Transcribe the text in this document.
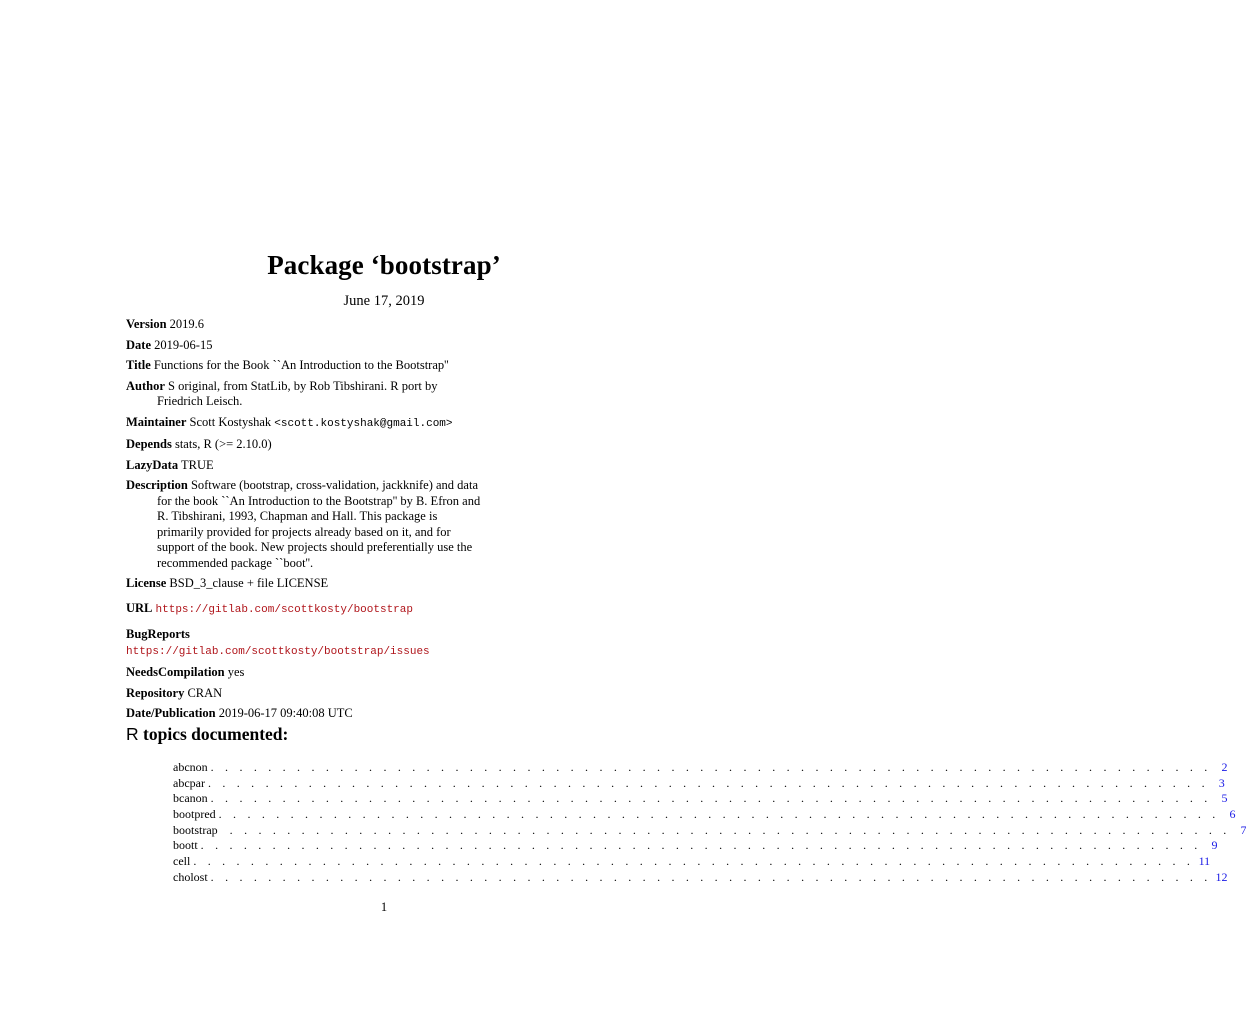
Package ‘bootstrap’
June 17, 2019

Version 2019.6

Date 2019-06-15

Title Functions for the Book ``An Introduction to the Bootstrap''

Author S original, from StatLib, by Rob Tibshirani. R port by
Friedrich Leisch.

Maintainer Scott Kostyshak <scott.kostyshak@gmail.com>

Depends stats, R (>= 2.10.0)

LazyData TRUE

Description Software (bootstrap, cross-validation, jackknife) and data
for the book ``An Introduction to the Bootstrap'' by B. Efron and
R. Tibshirani, 1993, Chapman and Hall. This package is
primarily provided for projects already based on it, and for
support of the book. New projects should preferentially use the
recommended package ``boot''.

License BSD_3_clause + file LICENSE

URL https://gitlab.com/scottkosty/bootstrap

BugReports https://gitlab.com/scottkosty/bootstrap/issues

NeedsCompilation yes

Repository CRAN

Date/Publication 2019-06-17 09:40:08 UTC

R topics documented:
abcnon . . . . . . . . . . . . . . . . . . . . . . . . . . . . . . . . . . . . . . . . . . . . . . . . . . . . . . . . . . . . . . . . . . . . . . 2
abcpar . . . . . . . . . . . . . . . . . . . . . . . . . . . . . . . . . . . . . . . . . . . . . . . . . . . . . . . . . . . . . . . . . . . . . . 3
bcanon . . . . . . . . . . . . . . . . . . . . . . . . . . . . . . . . . . . . . . . . . . . . . . . . . . . . . . . . . . . . . . . . . . . . . . 5
bootpred . . . . . . . . . . . . . . . . . . . . . . . . . . . . . . . . . . . . . . . . . . . . . . . . . . . . . . . . . . . . . . . . . . . . . . 6
bootstrap	. . . . . . . . . . . . . . . . . . . . . . . . . . . . . . . . . . . . . . . . . . . . . . . . . . . . . . . . . . . . . . . . . . . . . . 7
boott . . . . . . . . . . . . . . . . . . . . . . . . . . . . . . . . . . . . . . . . . . . . . . . . . . . . . . . . . . . . . . . . . . . . . . 9
cell . . . . . . . . . . . . . . . . . . . . . . . . . . . . . . . . . . . . . . . . . . . . . . . . . . . . . . . . . . . . . . . . . . . . . . 11
cholost . . . . . . . . . . . . . . . . . . . . . . . . . . . . . . . . . . . . . . . . . . . . . . . . . . . . . . . . . . . . . . . . . . . . . . 12
1
